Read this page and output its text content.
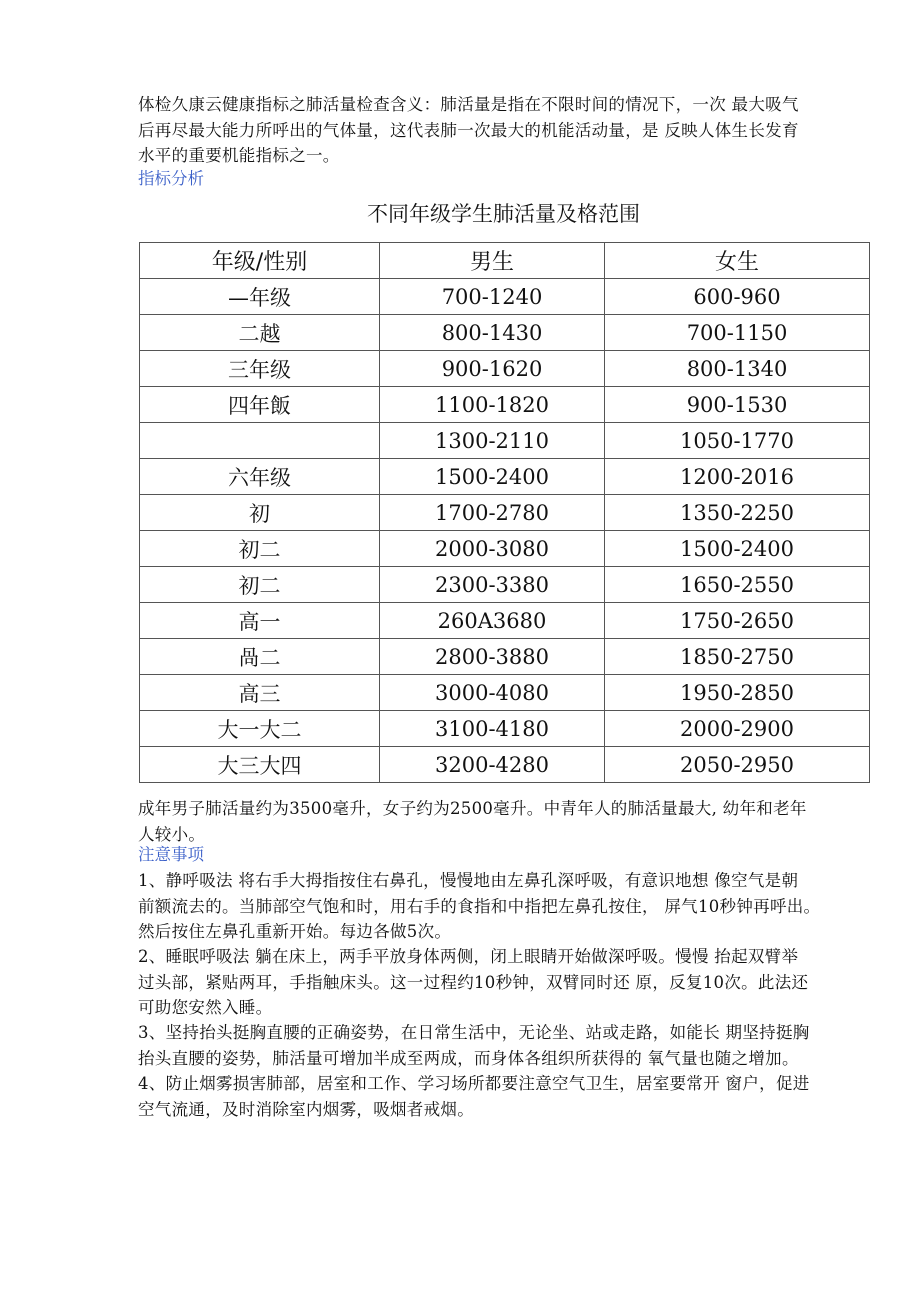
体检久康云健康指标之肺活量检查含义：肺活量是指在不限时间的情况下，一次 最大吸气
后再尽最大能力所呼出的气体量，这代表肺一次最大的机能活动量，是 反映人体生长发育
水平的重要机能指标之一。

指标分析

不同年级学生肺活量及格范围

年级/性别	男生	女生
—年级	700-1240	600-960
二越	800-1430	700-1150
三年级	900-1620	800-1340
四年飯	1100-1820	900-1530
	1300-2110	1050-1770
六年级	1500-2400	1200-2016
初	1700-2780	1350-2250
初二	2000-3080	1500-2400
初二	2300-3380	1650-2550
高一	260A3680	1750-2650
咼二	2800-3880	1850-2750
高三	3000-4080	1950-2850
大一大二	3100-4180	2000-2900
大三大四	3200-4280	2050-2950

成年男子肺活量约为3500毫升，女子约为2500毫升。中青年人的肺活量最大, 幼年和老年
人较小。

注意事项

1、静呼吸法 将右手大拇指按住右鼻孔，慢慢地由左鼻孔深呼吸，有意识地想 像空气是朝
前额流去的。当肺部空气饱和时，用右手的食指和中指把左鼻孔按住， 屏气10秒钟再呼出。
然后按住左鼻孔重新开始。每边各做5次。

2、睡眠呼吸法 躺在床上，两手平放身体两侧，闭上眼睛开始做深呼吸。慢慢 抬起双臂举
过头部，紧贴两耳，手指触床头。这一过程约10秒钟，双臂同时还 原，反复10次。此法还
可助您安然入睡。

3、坚持抬头挺胸直腰的正确姿势，在日常生活中，无论坐、站或走路，如能长 期坚持挺胸
抬头直腰的姿势，肺活量可增加半成至两成，而身体各组织所获得的 氧气量也随之增加。

4、防止烟雾损害肺部，居室和工作、学习场所都要注意空气卫生，居室要常开 窗户，促进
空气流通，及时消除室内烟雾，吸烟者戒烟。
